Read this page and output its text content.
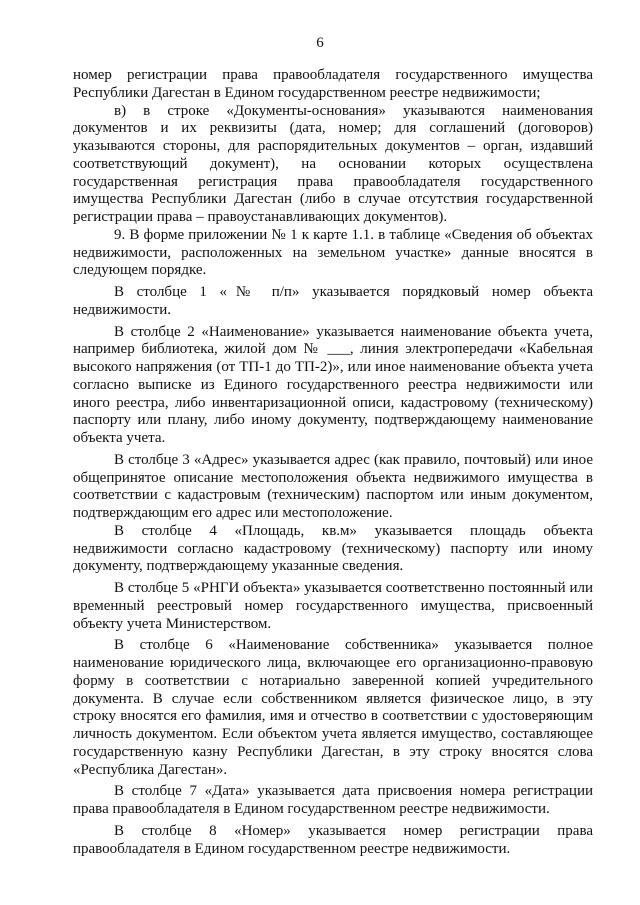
6

номер регистрации права правообладателя государственного имущества Республики Дагестан в Едином государственном реестре недвижимости;

в) в строке «Документы-основания» указываются наименования документов и их реквизиты (дата, номер; для соглашений (договоров) указываются стороны, для распорядительных документов – орган, издавший соответствующий документ), на основании которых осуществлена государственная регистрация права правообладателя государственного имущества Республики Дагестан (либо в случае отсутствия государственной регистрации права – правоустанавливающих документов).

9. В форме приложении № 1 к карте 1.1. в таблице «Сведения об объектах недвижимости, расположенных на земельном участке» данные вносятся в следующем порядке.

В столбце 1 «№ п/п» указывается порядковый номер объекта недвижимости.

В столбце 2 «Наименование» указывается наименование объекта учета, например библиотека, жилой дом № ___, линия электропередачи «Кабельная высокого напряжения (от ТП-1 до ТП-2)», или иное наименование объекта учета согласно выписке из Единого государственного реестра недвижимости или иного реестра, либо инвентаризационной описи, кадастровому (техническому) паспорту или плану, либо иному документу, подтверждающему наименование объекта учета.

В столбце 3 «Адрес» указывается адрес (как правило, почтовый) или иное общепринятое описание местоположения объекта недвижимого имущества в соответствии с кадастровым (техническим) паспортом или иным документом, подтверждающим его адрес или местоположение.

В столбце 4 «Площадь, кв.м» указывается площадь объекта недвижимости согласно кадастровому (техническому) паспорту или иному документу, подтверждающему указанные сведения.

В столбце 5 «РНГИ объекта» указывается соответственно постоянный или временный реестровый номер государственного имущества, присвоенный объекту учета Министерством.

В столбце 6 «Наименование собственника» указывается полное наименование юридического лица, включающее его организационно-правовую форму в соответствии с нотариально заверенной копией учредительного документа. В случае если собственником является физическое лицо, в эту строку вносятся его фамилия, имя и отчество в соответствии с удостоверяющим личность документом. Если объектом учета является имущество, составляющее государственную казну Республики Дагестан, в эту строку вносятся слова «Республика Дагестан».

В столбце 7 «Дата» указывается дата присвоения номера регистрации права правообладателя в Едином государственном реестре недвижимости.

В столбце 8 «Номер» указывается номер регистрации права правообладателя в Едином государственном реестре недвижимости.
